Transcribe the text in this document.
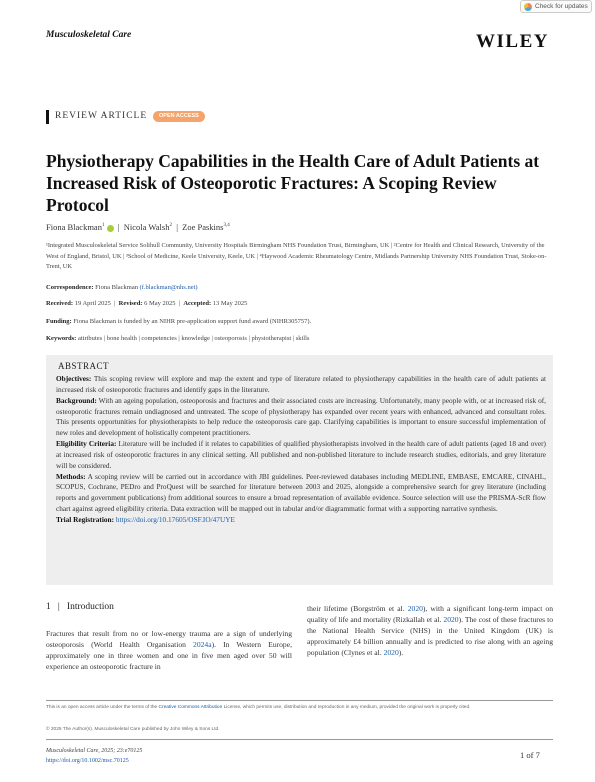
Check for updates
Musculoskeletal Care	WILEY
REVIEW ARTICLE	OPEN ACCESS
Physiotherapy Capabilities in the Health Care of Adult Patients at Increased Risk of Osteoporotic Fractures: A Scoping Review Protocol
Fiona Blackman$^1$   |  Nicola Walsh$^2$  |  Zoe Paskins$^{3,4}$
¹Integrated Musculoskeletal Service Solihull Community, University Hospitals Birmingham NHS Foundation Trust, Birmingham, UK | ²Centre for Health and Clinical Research, University of the West of England, Bristol, UK | ³School of Medicine, Keele University, Keele, UK | ⁴Haywood Academic Rheumatology Centre, Midlands Partnership University NHS Foundation Trust, Stoke-on-Trent, UK
Correspondence: Fiona Blackman (f.blackman@nhs.net)
Received: 19 April 2025  |  Revised: 6 May 2025  |  Accepted: 13 May 2025
Funding: Fiona Blackman is funded by an NIHR pre-application support fund award (NIHR305757).
Keywords: attributes | bone health | competencies | knowledge | osteoporosis | physiotherapist | skills
ABSTRACT

Objectives: This scoping review will explore and map the extent and type of literature related to physiotherapy capabilities in the health care of adult patients at increased risk of osteoporotic fractures and identify gaps in the literature.

Background: With an ageing population, osteoporosis and fractures and their associated costs are increasing. Unfortunately, many people with, or at increased risk of, osteoporotic fractures remain undiagnosed and untreated. The scope of physiotherapy has expanded over recent years with enhanced, advanced and consultant roles. This presents opportunities for physiotherapists to help reduce the osteoporosis care gap. Clarifying capabilities is important to ensure successful implementation of new roles and development of holistically competent practitioners.

Eligibility Criteria: Literature will be included if it relates to capabilities of qualified physiotherapists involved in the health care of adult patients (aged 18 and over) at increased risk of osteoporotic fractures in any clinical setting. All published and non-published literature to include research studies, editorials, and grey literature will be considered.

Methods: A scoping review will be carried out in accordance with JBI guidelines. Peer-reviewed databases including MEDLINE, EMBASE, EMCARE, CINAHL, SCOPUS, Cochrane, PEDro and ProQuest will be searched for literature between 2003 and 2025, alongside a comprehensive search for grey literature (including reports and government publications) from additional sources to ensure a broad representation of available evidence. Source selection will use the PRISMA-ScR flow chart against agreed eligibility criteria. Data extraction will be mapped out in tabular and/or diagrammatic format with a supporting narrative synthesis.

Trial Registration: https://doi.org/10.17605/OSF.IO/47UYE

1 | Introduction
Fractures that result from no or low-energy trauma are a sign of underlying osteoporosis (World Health Organisation 2024a). In Western Europe, approximately one in three women and one in five men aged over 50 will experience an osteoporotic fracture in
their lifetime (Borgström et al. 2020), with a significant long-term impact on quality of life and mortality (Rizkallah et al. 2020). The cost of these fractures to the National Health Service (NHS) in the United Kingdom (UK) is approximately £4 billion annually and is predicted to rise along with an ageing population (Clynes et al. 2020).
This is an open access article under the terms of the Creative Commons Attribution License, which permits use, distribution and reproduction in any medium, provided the original work is properly cited.
© 2025 The Author(s). Musculoskeletal Care published by John Wiley & Sons Ltd.
Musculoskeletal Care, 2025; 23:e70125
https://doi.org/10.1002/msc.70125
1 of 7
